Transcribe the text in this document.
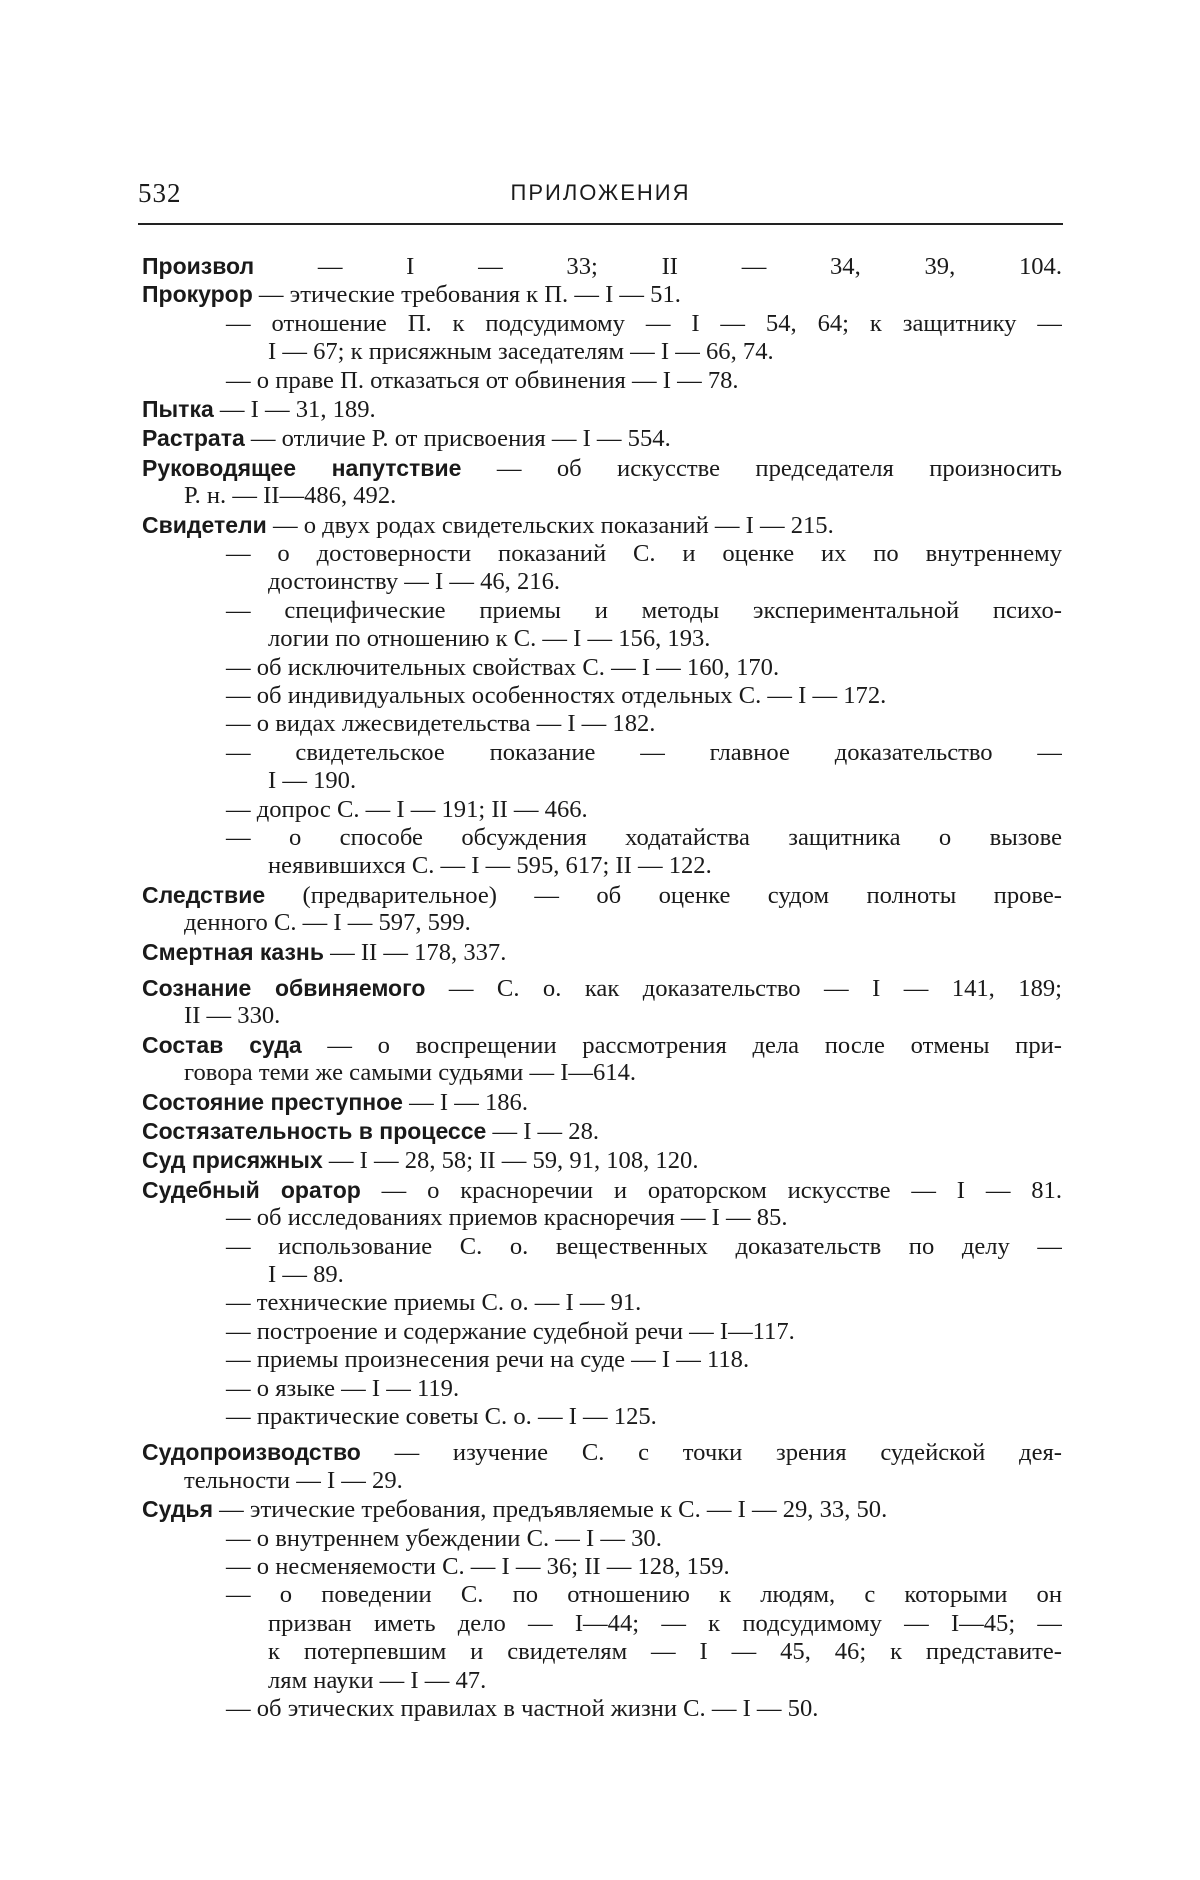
532	ПРИЛОЖЕНИЯ
Произвол — I — 33; II — 34, 39, 104.
Прокурор — этические требования к П. — I — 51.
— отношение П. к подсудимому — I — 54, 64; к защитнику —
I — 67; к присяжным заседателям — I — 66, 74.
— о праве П. отказаться от обвинения — I — 78.
Пытка — I — 31, 189.
Растрата — отличие Р. от присвоения — I — 554.
Руководящее напутствие — об искусстве председателя произносить
Р. н. — II—486, 492.
Свидетели — о двух родах свидетельских показаний — I — 215.
— о достоверности показаний С. и оценке их по внутреннему
достоинству — I — 46, 216.
— специфические приемы и методы экспериментальной психо-
логии по отношению к С. — I — 156, 193.
— об исключительных свойствах С. — I — 160, 170.
— об индивидуальных особенностях отдельных С. — I — 172.
— о видах лжесвидетельства — I — 182.
— свидетельское показание — главное доказательство —
I — 190.
— допрос С. — I — 191; II — 466.
— о способе обсуждения ходатайства защитника о вызове
неявившихся С. — I — 595, 617; II — 122.
Следствие (предварительное) — об оценке судом полноты прове-
денного С. — I — 597, 599.
Смертная казнь — II — 178, 337.
Сознание обвиняемого — С. о. как доказательство — I — 141, 189;
II — 330.
Состав суда — о воспрещении рассмотрения дела после отмены при-
говора теми же самыми судьями — I—614.
Состояние преступное — I — 186.
Состязательность в процессе — I — 28.
Суд присяжных — I — 28, 58; II — 59, 91, 108, 120.
Судебный оратор — о красноречии и ораторском искусстве — I — 81.
— об исследованиях приемов красноречия — I — 85.
— использование С. о. вещественных доказательств по делу —
I — 89.
— технические приемы С. о. — I — 91.
— построение и содержание судебной речи — I—117.
— приемы произнесения речи на суде — I — 118.
— о языке — I — 119.
— практические советы С. о. — I — 125.
Судопроизводство — изучение С. с точки зрения судейской дея-
тельности — I — 29.
Судья — этические требования, предъявляемые к С. — I — 29, 33, 50.
— о внутреннем убеждении С. — I — 30.
— о несменяемости С. — I — 36; II — 128, 159.
— о поведении С. по отношению к людям, с которыми он
призван иметь дело — I—44; — к подсудимому — I—45; —
к потерпевшим и свидетелям — I — 45, 46; к представите-
лям науки — I — 47.
— об этических правилах в частной жизни С. — I — 50.
